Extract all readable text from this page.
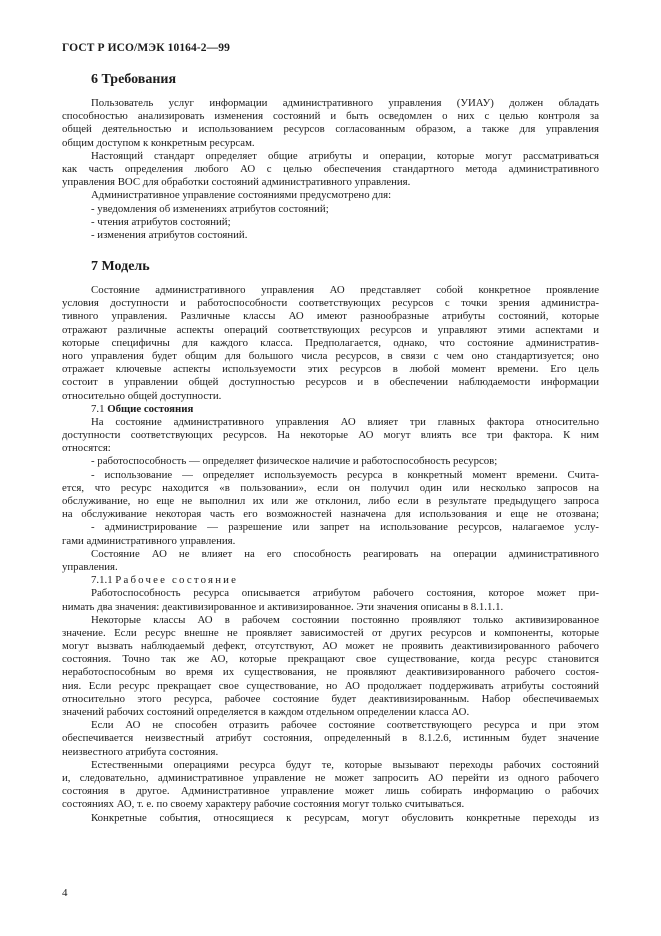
ГОСТ Р ИСО/МЭК 10164-2—99
6 Требования
Пользователь услуг информации административного управления (УИАУ) должен обладать
способностью анализировать изменения состояний и быть осведомлен о них с целью контроля за
общей деятельностью и использованием ресурсов согласованным образом, а также для управления
общим доступом к конкретным ресурсам.
Настоящий стандарт определяет общие атрибуты и операции, которые могут рассматриваться
как часть определения любого АО с целью обеспечения стандартного метода административного
управления ВОС для обработки состояний административного управления.
Административное управление состояниями предусмотрено для:
- уведомления об изменениях атрибутов состояний;
- чтения атрибутов состояний;
- изменения атрибутов состояний.
7 Модель
Состояние административного управления АО представляет собой конкретное проявление
условия доступности и работоспособности соответствующих ресурсов с точки зрения администра-
тивного управления. Различные классы АО имеют разнообразные атрибуты состояний, которые
отражают различные аспекты операций соответствующих ресурсов и управляют этими аспектами и
которые специфичны для каждого класса. Предполагается, однако, что состояние административ-
ного управления будет общим для большого числа ресурсов, в связи с чем оно стандартизуется; оно
отражает ключевые аспекты используемости этих ресурсов в любой момент времени. Его цель
состоит в управлении общей доступностью ресурсов и в обеспечении наблюдаемости информации
относительно общей доступности.
7.1 Общие состояния
На состояние административного управления АО влияет три главных фактора относительно
доступности соответствующих ресурсов. На некоторые АО могут влиять все три фактора. К ним
относятся:
- работоспособность — определяет физическое наличие и работоспособность ресурсов;
- использование — определяет используемость ресурса в конкретный момент времени. Счита-
ется, что ресурс находится «в пользовании», если он получил один или несколько запросов на
обслуживание, но еще не выполнил их или же отклонил, либо если в результате предыдущего запроса
на обслуживание некоторая часть его возможностей назначена для использования и еще не отозвана;
- администрирование — разрешение или запрет на использование ресурсов, налагаемое услу-
гами административного управления.
Состояние АО не влияет на его способность реагировать на операции административного
управления.
7.1.1 Рабочее состояние
Работоспособность ресурса описывается атрибутом рабочего состояния, которое может при-
нимать два значения: деактивизированное и активизированное. Эти значения описаны в 8.1.1.1.
Некоторые классы АО в рабочем состоянии постоянно проявляют только активизированное
значение. Если ресурс внешне не проявляет зависимостей от других ресурсов и компоненты, которые
могут вызвать наблюдаемый дефект, отсутствуют, АО может не проявить деактивизированного рабочего
состояния. Точно так же АО, которые прекращают свое существование, когда ресурс становится
неработоспособным во время их существования, не проявляют деактивизированного рабочего состоя-
ния. Если ресурс прекращает свое существование, но АО продолжает поддерживать атрибуты состояний
относительно этого ресурса, рабочее состояние будет деактивизированным. Набор обеспечиваемых
значений рабочих состояний определяется в каждом отдельном определении класса АО.
Если АО не способен отразить рабочее состояние соответствующего ресурса и при этом
обеспечивается неизвестный атрибут состояния, определенный в 8.1.2.6, истинным будет значение
неизвестного атрибута состояния.
Естественными операциями ресурса будут те, которые вызывают переходы рабочих состояний
и, следовательно, административное управление не может запросить АО перейти из одного рабочего
состояния в другое. Административное управление может лишь собирать информацию о рабочих
состояниях АО, т. е. по своему характеру рабочие состояния могут только считываться.
Конкретные события, относящиеся к ресурсам, могут обусловить конкретные переходы из
4
